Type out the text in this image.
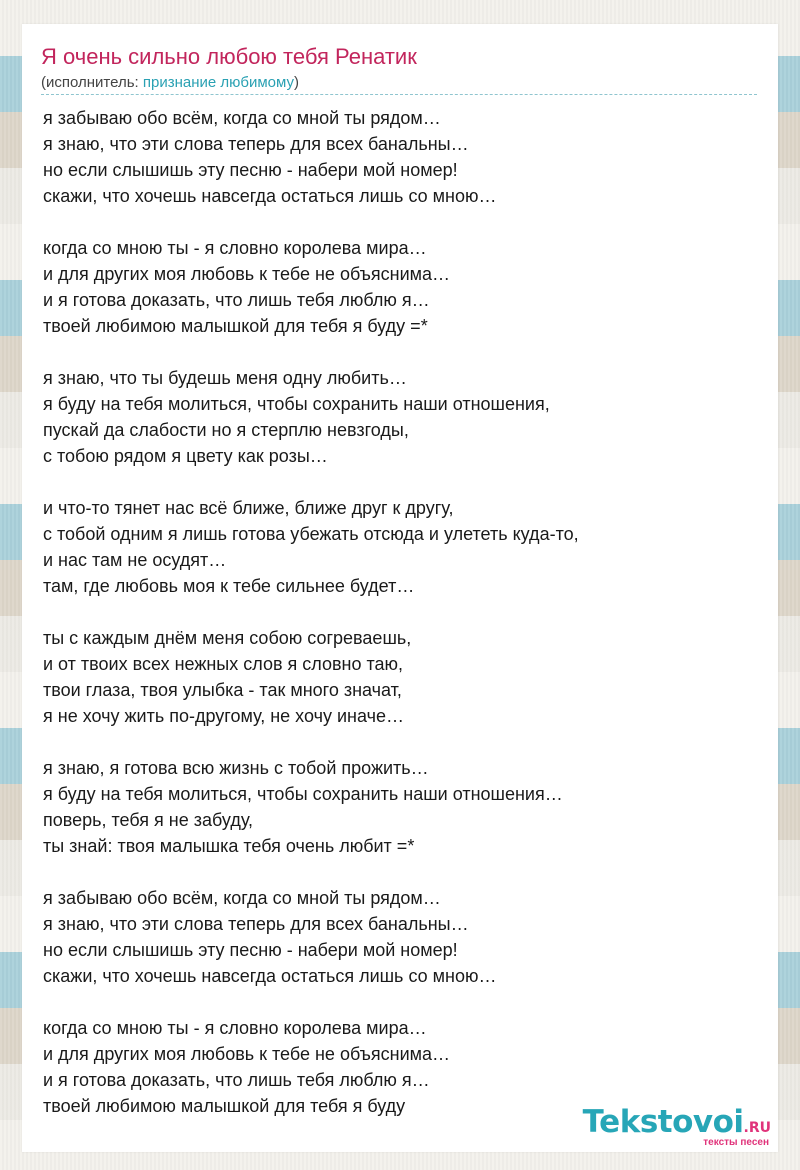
Я очень сильно любою тебя Ренатик
(исполнитель: признание любимому)
я забываю обо всём, когда со мной ты рядом…
я знаю, что эти слова теперь для всех банальны…
но если слышишь эту песню - набери мой номер!
скажи, что хочешь навсегда остаться лишь со мною…
когда со мною ты - я словно королева мира…
и для других моя любовь к тебе не объяснима…
и я готова доказать, что лишь тебя люблю я…
твоей любимою малышкой для тебя я буду =*
я знаю, что ты будешь меня одну любить…
я буду на тебя молиться, чтобы сохранить наши отношения,
пускай да слабости но я стерплю невзгоды,
с тобою рядом я цвету как розы…
и что-то тянет нас всё ближе, ближе друг к другу,
с тобой одним я лишь готова убежать отсюда и улететь куда-то,
и нас там не осудят…
там, где любовь моя к тебе сильнее будет…
ты с каждым днём меня собою согреваешь,
и от твоих всех нежных слов я словно таю,
твои глаза, твоя улыбка - так много значат,
я не хочу жить по-другому, не хочу иначе…
я знаю, я готова всю жизнь с тобой прожить…
я буду на тебя молиться, чтобы сохранить наши отношения…
поверь, тебя я не забуду,
ты знай: твоя малышка тебя очень любит =*
я забываю обо всём, когда со мной ты рядом…
я знаю, что эти слова теперь для всех банальны…
но если слышишь эту песню - набери мой номер!
скажи, что хочешь навсегда остаться лишь со мною…
когда со мною ты - я словно королева мира…
и для других моя любовь к тебе не объяснима…
и я готова доказать, что лишь тебя люблю я…
твоей любимою малышкой для тебя я буду	Tekstovoi.RU
тексты песен
